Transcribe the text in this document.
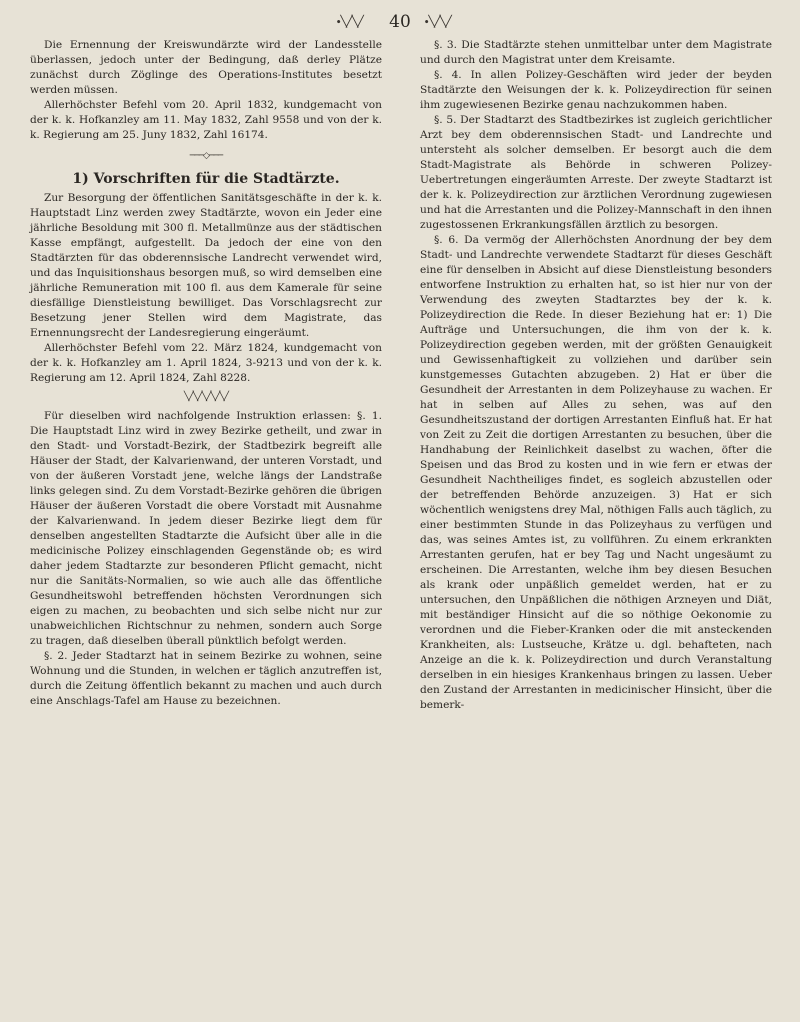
∙╲╱╲╱ 40	∙╲╱╲╱

Die Ernennung der Kreiswundärzte wird der Landesstelle überlassen, jedoch unter der Bedingung, daß derley Plätze zunächst durch Zöglinge des Operations-Institutes besetzt werden müssen.

Allerhöchster Befehl vom 20. April 1832, kundgemacht von der k. k. Hofkanzley am 11. May 1832, Zahl 9558 und von der k. k. Regierung am 25. Juny 1832, Zahl 16174.

───◇───
1) Vorschriften für die Stadtärzte.

Zur Besorgung der öffentlichen Sanitätsgeschäfte in der k. k. Hauptstadt Linz werden zwey Stadtärzte, wovon ein Jeder eine jährliche Besoldung mit 300 fl. Metallmünze aus der städtischen Kasse empfängt, aufgestellt. Da jedoch der eine von den Stadtärzten für das obderennsische Landrecht verwendet wird, und das Inquisitionshaus besorgen muß, so wird demselben eine jährliche Remuneration mit 100 fl. aus dem Kamerale für seine diesfällige Dienstleistung bewilliget. Das Vorschlagsrecht zur Besetzung jener Stellen wird dem Magistrate, das Ernennungsrecht der Landesregierung eingeräumt.

Allerhöchster Befehl vom 22. März 1824, kundgemacht von der k. k. Hofkanzley am 1. April 1824, 3-9213 und von der k. k. Regierung am 12. April 1824, Zahl 8228.

╲╱╲╱╲╱╲╱╲╱

Für dieselben wird nachfolgende Instruktion erlassen: §. 1. Die Hauptstadt Linz wird in zwey Bezirke getheilt, und zwar in den Stadt- und Vorstadt-Bezirk, der Stadtbezirk begreift alle Häuser der Stadt, der Kalvarienwand, der unteren Vorstadt, und von der äußeren Vorstadt jene, welche längs der Landstraße links gelegen sind. Zu dem Vorstadt-Bezirke gehören die übrigen Häuser der äußeren Vorstadt die obere Vorstadt mit Ausnahme der Kalvarienwand. In jedem dieser Bezirke liegt dem für denselben angestellten Stadtarzte die Aufsicht über alle in die medicinische Polizey einschlagenden Gegenstände ob; es wird daher jedem Stadtarzte zur besonderen Pflicht gemacht, nicht nur die Sanitäts-Normalien, so wie auch alle das öffentliche Gesundheitswohl betreffenden höchsten Verordnungen sich eigen zu machen, zu beobachten und sich selbe nicht nur zur unabweichlichen Richtschnur zu nehmen, sondern auch Sorge zu tragen, daß dieselben überall pünktlich befolgt werden.

§. 2. Jeder Stadtarzt hat in seinem Bezirke zu wohnen, seine Wohnung und die Stunden, in welchen er täglich anzutreffen ist, durch die Zeitung öffentlich bekannt zu machen und auch durch eine Anschlags-Tafel am Hause zu bezeichnen.

§. 3. Die Stadtärzte stehen unmittelbar unter dem Magistrate und durch den Magistrat unter dem Kreisamte.

§. 4. In allen Polizey-Geschäften wird jeder der beyden Stadtärzte den Weisungen der k. k. Polizeydirection für seinen ihm zugewiesenen Bezirke genau nachzukommen haben.

§. 5. Der Stadtarzt des Stadtbezirkes ist zugleich gerichtlicher Arzt bey dem obderennsischen Stadt- und Landrechte und untersteht als solcher demselben. Er besorgt auch die dem Stadt-Magistrate als Behörde in schweren Polizey-Uebertretungen eingeräumten Arreste. Der zweyte Stadtarzt ist der k. k. Polizeydirection zur ärztlichen Verordnung zugewiesen und hat die Arrestanten und die Polizey-Mannschaft in den ihnen zugestossenen Erkrankungsfällen ärztlich zu besorgen.

§. 6. Da vermög der Allerhöchsten Anordnung der bey dem Stadt- und Landrechte verwendete Stadtarzt für dieses Geschäft eine für denselben in Absicht auf diese Dienstleistung besonders entworfene Instruktion zu erhalten hat, so ist hier nur von der Verwendung des zweyten Stadtarztes bey der k. k. Polizeydirection die Rede. In dieser Beziehung hat er: 1) Die Aufträge und Untersuchungen, die ihm von der k. k. Polizeydirection gegeben werden, mit der größten Genauigkeit und Gewissenhaftigkeit zu vollziehen und darüber sein kunstgemesses Gutachten abzugeben. 2) Hat er über die Gesundheit der Arrestanten in dem Polizeyhause zu wachen. Er hat in selben auf Alles zu sehen, was auf den Gesundheitszustand der dortigen Arrestanten Einfluß hat. Er hat von Zeit zu Zeit die dortigen Arrestanten zu besuchen, über die Handhabung der Reinlichkeit daselbst zu wachen, öfter die Speisen und das Brod zu kosten und in wie fern er etwas der Gesundheit Nachtheiliges findet, es sogleich abzustellen oder der betreffenden Behörde anzuzeigen. 3) Hat er sich wöchentlich wenigstens drey Mal, nöthigen Falls auch täglich, zu einer bestimmten Stunde in das Polizeyhaus zu verfügen und das, was seines Amtes ist, zu vollführen. Zu einem erkrankten Arrestanten gerufen, hat er bey Tag und Nacht ungesäumt zu erscheinen. Die Arrestanten, welche ihm bey diesen Besuchen als krank oder unpäßlich gemeldet werden, hat er zu untersuchen, den Unpäßlichen die nöthigen Arzneyen und Diät, mit beständiger Hinsicht auf die so nöthige Oekonomie zu verordnen und die Fieber-Kranken oder die mit ansteckenden Krankheiten, als: Lustseuche, Krätze u. dgl. behafteten, nach Anzeige an die k. k. Polizeydirection und durch Veranstaltung derselben in ein hiesiges Krankenhaus bringen zu lassen. Ueber den Zustand der Arrestanten in medicinischer Hinsicht, über die bemerk-
